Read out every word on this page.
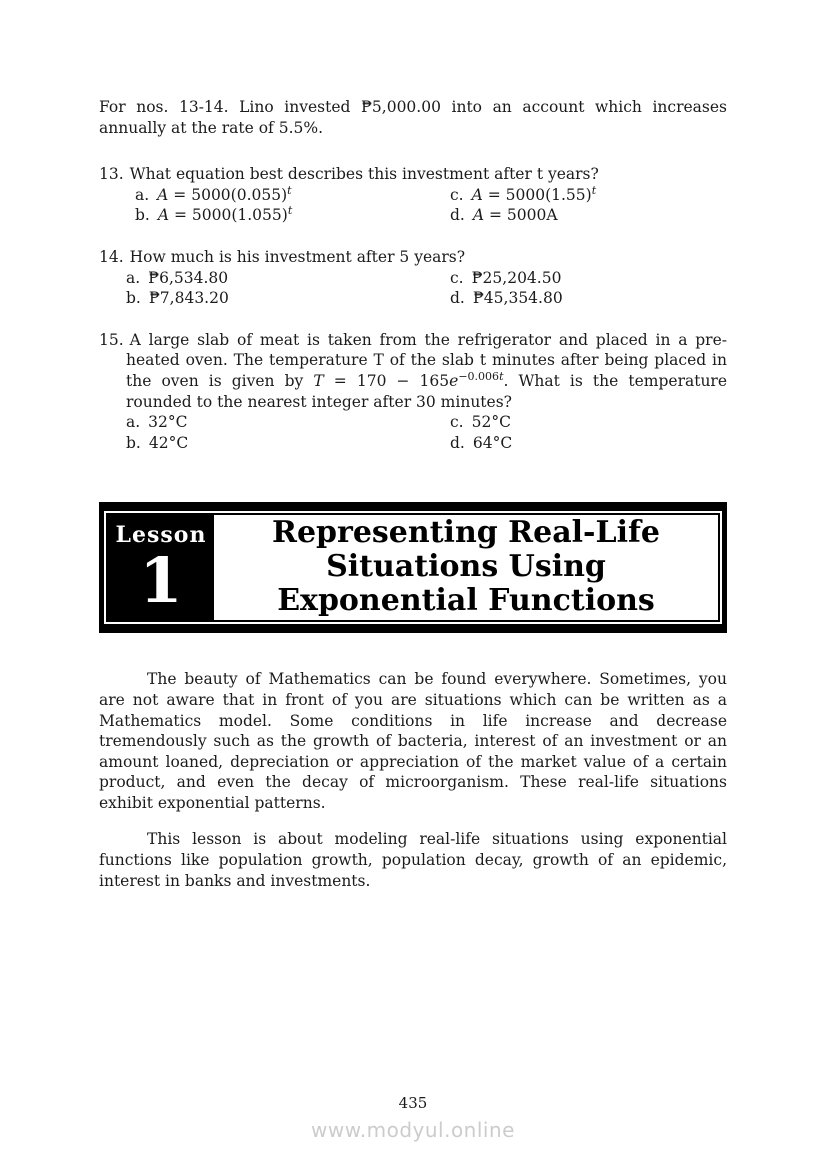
For nos. 13-14. Lino invested ₱5,000.00 into an account which increases annually at the rate of 5.5%.

13. What equation best describes this investment after t years?
a. $A = 5000(0.055)^t$	c. $A = 5000(1.55)^t$
b. $A = 5000(1.055)^t$	d. A = 5000A
14. How much is his investment after 5 years?
a. ₱6,534.80	c. ₱25,204.50
b. ₱7,843.20	d. ₱45,354.80
15. A large slab of meat is taken from the refrigerator and placed in a pre-heated oven. The temperature T of the slab t minutes after being placed in the oven is given by $T = 170 - 165e^{-0.006t}$. What is the temperature rounded to the nearest integer after 30 minutes?
a. 32°C	c. 52°C
b. 42°C	d. 64°C
Lesson
1
Representing Real-Life
Situations Using
Exponential Functions

The beauty of Mathematics can be found everywhere. Sometimes, you are not aware that in front of you are situations which can be written as a Mathematics model. Some conditions in life increase and decrease tremendously such as the growth of bacteria, interest of an investment or an amount loaned, depreciation or appreciation of the market value of a certain product, and even the decay of microorganism. These real-life situations exhibit exponential patterns.

This lesson is about modeling real-life situations using exponential functions like population growth, population decay, growth of an epidemic, interest in banks and investments.

435
www.modyul.online
